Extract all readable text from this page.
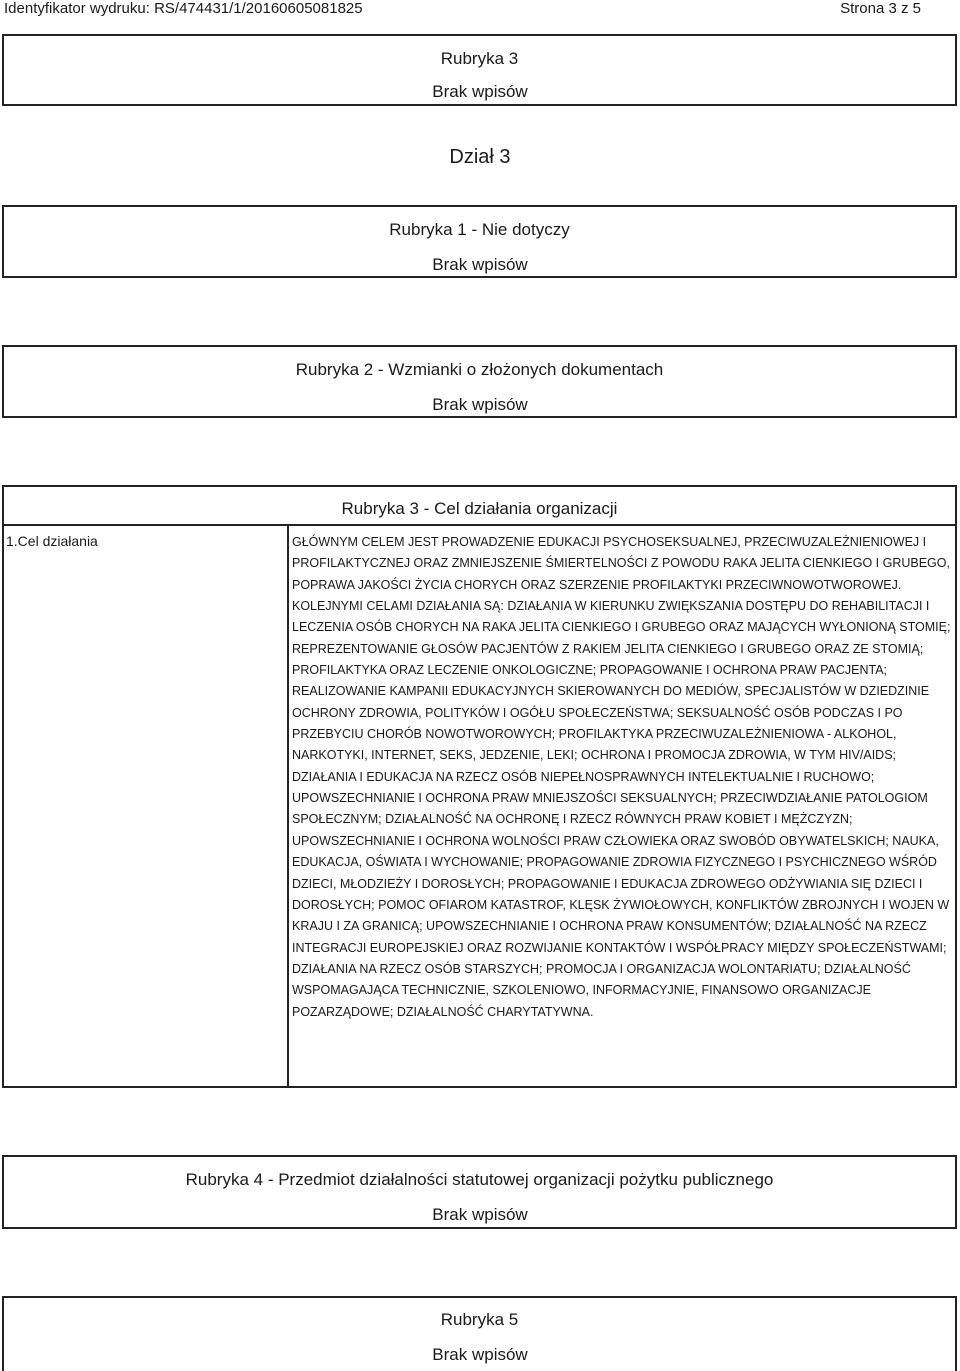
Identyfikator wydruku: RS/474431/1/20160605081825	Strona 3 z 5
Rubryka 3
Brak wpisów
Dział 3
Rubryka 1 - Nie dotyczy
Brak wpisów
Rubryka 2 - Wzmianki o złożonych dokumentach
Brak wpisów
Rubryka 3 - Cel działania organizacji
1.Cel działania	GŁÓWNYM CELEM JEST PROWADZENIE EDUKACJI PSYCHOSEKSUALNEJ, PRZECIWUZALEŻNIENIOWEJ I PROFILAKTYCZNEJ ORAZ ZMNIEJSZENIE ŚMIERTELNOŚCI Z POWODU RAKA JELITA CIENKIEGO I GRUBEGO, POPRAWA JAKOŚCI ŻYCIA CHORYCH ORAZ SZERZENIE PROFILAKTYKI PRZECIWNOWOTWOROWEJ.

KOLEJNYMI CELAMI DZIAŁANIA SĄ: DZIAŁANIA W KIERUNKU ZWIĘKSZANIA DOSTĘPU DO REHABILITACJI I LECZENIA OSÓB CHORYCH NA RAKA JELITA CIENKIEGO I GRUBEGO ORAZ MAJĄCYCH WYŁONIONĄ STOMIĘ; REPREZENTOWANIE GŁOSÓW PACJENTÓW Z RAKIEM JELITA CIENKIEGO I GRUBEGO ORAZ ZE STOMIĄ; PROFILAKTYKA ORAZ LECZENIE ONKOLOGICZNE; PROPAGOWANIE I OCHRONA PRAW PACJENTA; REALIZOWANIE KAMPANII EDUKACYJNYCH SKIEROWANYCH DO MEDIÓW, SPECJALISTÓW W DZIEDZINIE OCHRONY ZDROWIA, POLITYKÓW I OGÓŁU SPOŁECZEŃSTWA; SEKSUALNOŚĆ OSÓB PODCZAS I PO PRZEBYCIU CHORÓB NOWOTWOROWYCH; PROFILAKTYKA PRZECIWUZALEŻNIENIOWA - ALKOHOL, NARKOTYKI, INTERNET, SEKS, JEDZENIE, LEKI; OCHRONA I PROMOCJA ZDROWIA, W TYM HIV/AIDS; DZIAŁANIA I EDUKACJA NA RZECZ OSÓB NIEPEŁNOSPRAWNYCH INTELEKTUALNIE I RUCHOWO; UPOWSZECHNIANIE I OCHRONA PRAW MNIEJSZOŚCI SEKSUALNYCH; PRZECIWDZIAŁANIE PATOLOGIOM SPOŁECZNYM; DZIAŁALNOŚĆ NA OCHRONĘ I RZECZ RÓWNYCH PRAW KOBIET I MĘŻCZYZN; UPOWSZECHNIANIE I OCHRONA WOLNOŚCI PRAW CZŁOWIEKA ORAZ SWOBÓD OBYWATELSKICH; NAUKA, EDUKACJA, OŚWIATA I WYCHOWANIE; PROPAGOWANIE ZDROWIA FIZYCZNEGO I PSYCHICZNEGO WŚRÓD DZIECI, MŁODZIEŻY I DOROSŁYCH; PROPAGOWANIE I EDUKACJA ZDROWEGO ODŻYWIANIA SIĘ DZIECI I DOROSŁYCH; POMOC OFIAROM KATASTROF, KLĘSK ŻYWIOŁOWYCH, KONFLIKTÓW ZBROJNYCH I WOJEN W KRAJU I ZA GRANICĄ; UPOWSZECHNIANIE I OCHRONA PRAW KONSUMENTÓW; DZIAŁALNOŚĆ NA RZECZ INTEGRACJI EUROPEJSKIEJ ORAZ ROZWIJANIE KONTAKTÓW I WSPÓŁPRACY MIĘDZY SPOŁECZEŃSTWAMI; DZIAŁANIA NA RZECZ OSÓB STARSZYCH; PROMOCJA I ORGANIZACJA WOLONTARIATU; DZIAŁALNOŚĆ WSPOMAGAJĄCA TECHNICZNIE, SZKOLENIOWO, INFORMACYJNIE, FINANSOWO ORGANIZACJE POZARZĄDOWE; DZIAŁALNOŚĆ CHARYTATYWNA.

Rubryka 4 - Przedmiot działalności statutowej organizacji pożytku publicznego
Brak wpisów
Rubryka 5
Brak wpisów
